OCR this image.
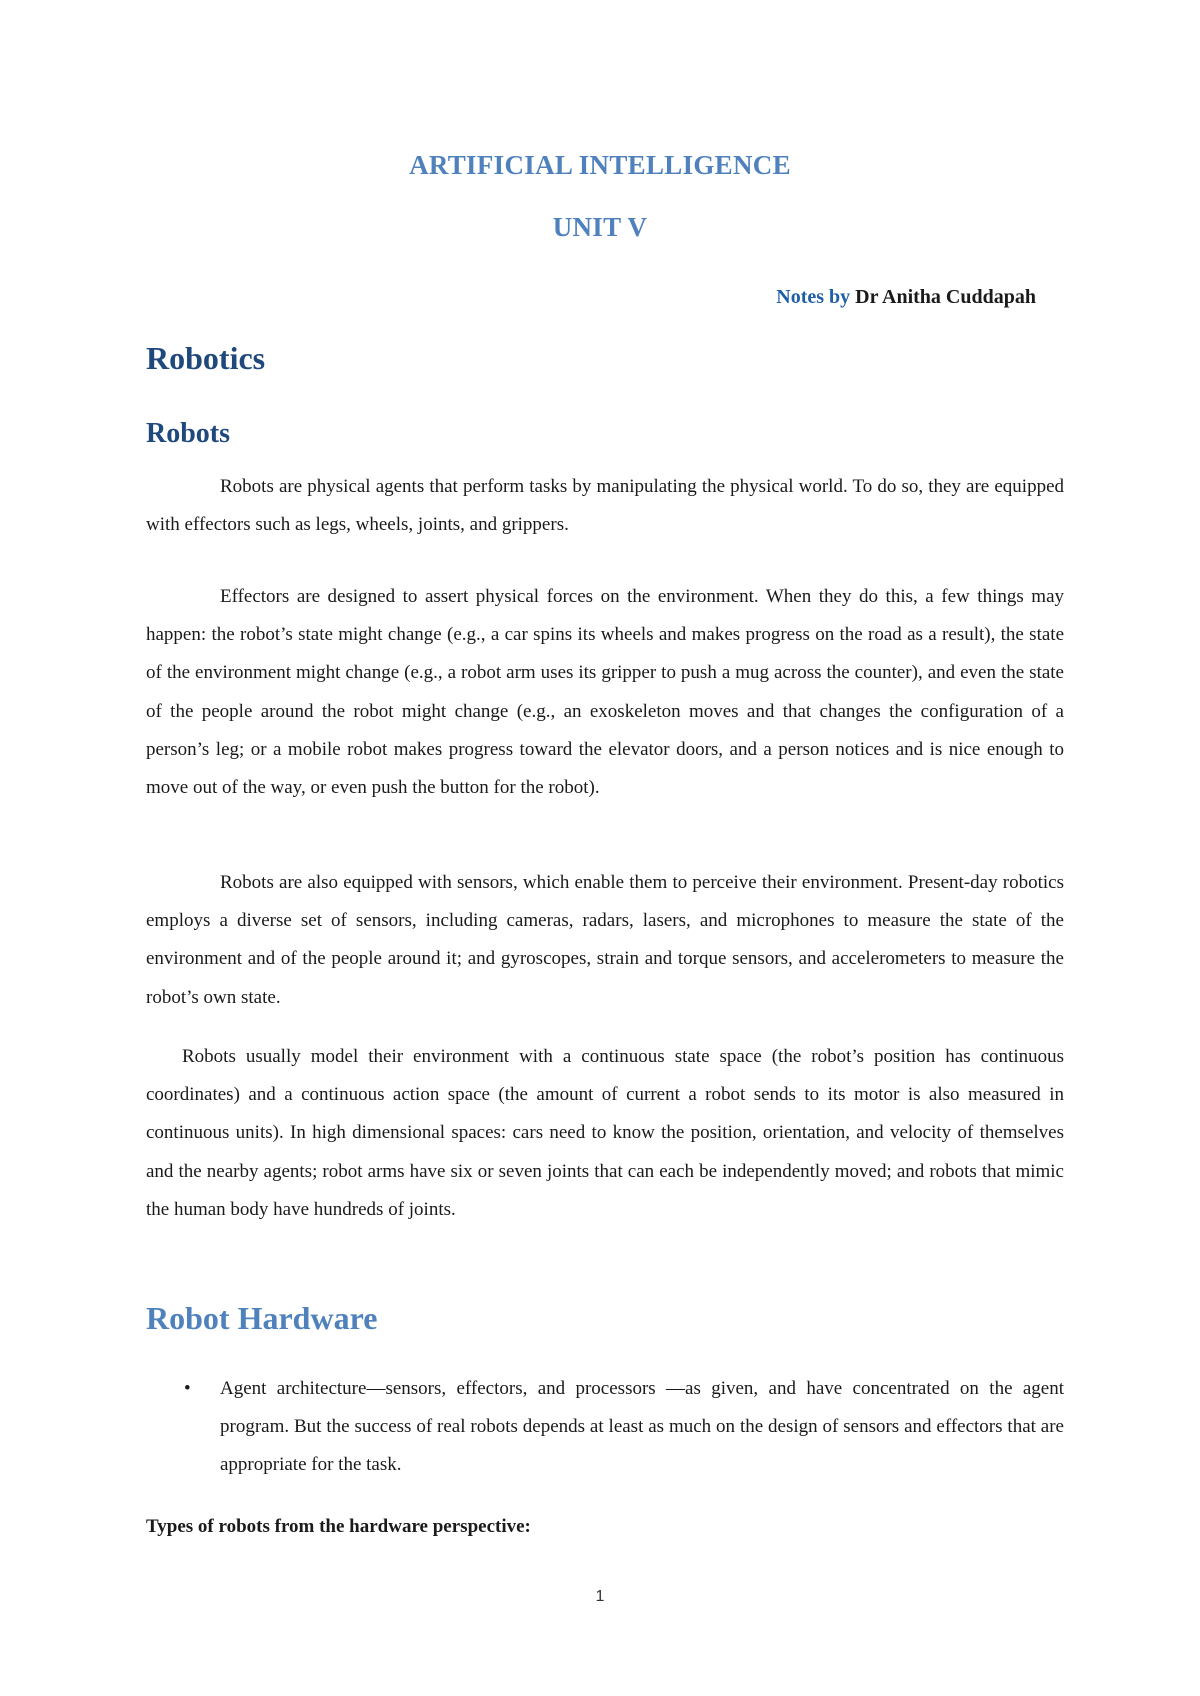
ARTIFICIAL INTELLIGENCE
UNIT V
Notes by Dr Anitha Cuddapah
Robotics
Robots

Robots are physical agents that perform tasks by manipulating the physical world. To do so, they are equipped with effectors such as legs, wheels, joints, and grippers.

Effectors are designed to assert physical forces on the environment. When they do this, a few things may happen: the robot’s state might change (e.g., a car spins its wheels and makes progress on the road as a result), the state of the environment might change (e.g., a robot arm uses its gripper to push a mug across the counter), and even the state of the people around the robot might change (e.g., an exoskeleton moves and that changes the configuration of a person’s leg; or a mobile robot makes progress toward the elevator doors, and a person notices and is nice enough to move out of the way, or even push the button for the robot).

Robots are also equipped with sensors, which enable them to perceive their environment. Present-day robotics employs a diverse set of sensors, including cameras, radars, lasers, and microphones to measure the state of the environment and of the people around it; and gyroscopes, strain and torque sensors, and accelerometers to measure the robot’s own state.

Robots usually model their environment with a continuous state space (the robot’s position has continuous coordinates) and a continuous action space (the amount of current a robot sends to its motor is also measured in continuous units). In high dimensional spaces: cars need to know the position, orientation, and velocity of themselves and the nearby agents; robot arms have six or seven joints that can each be independently moved; and robots that mimic the human body have hundreds of joints.

Robot Hardware
• Agent architecture—sensors, effectors, and processors —as given, and have concentrated on the agent program. But the success of real robots depends at least as much on the design of sensors and effectors that are appropriate for the task.

Types of robots from the hardware perspective:
1
